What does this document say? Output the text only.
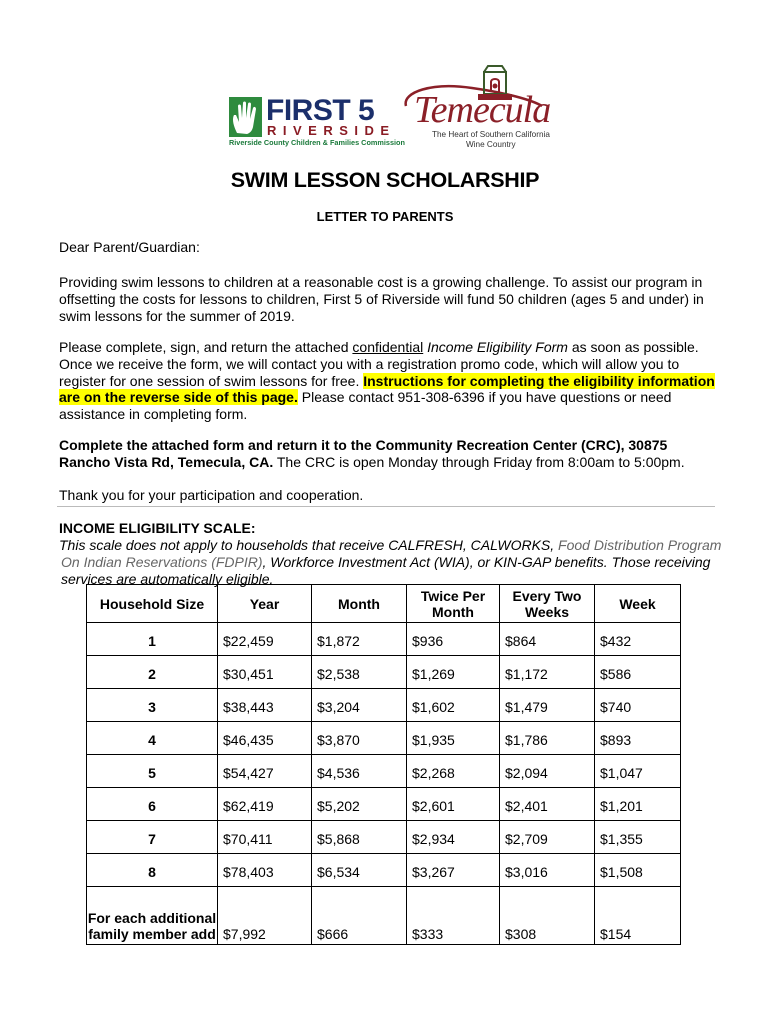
FIRST 5
RIVERSIDE
Riverside County Children & Families Commission
Temecula
The Heart of Southern California
Wine Country
SWIM LESSON SCHOLARSHIP
LETTER TO PARENTS

Dear Parent/Guardian:

Providing swim lessons to children at a reasonable cost is a growing challenge. To assist our program in

offsetting the costs for lessons to children, First 5 of Riverside will fund 50 children (ages 5 and under) in

swim lessons for the summer of 2019.

Please complete, sign, and return the attached confidential Income Eligibility Form as soon as possible.

Once we receive the form, we will contact you with a registration promo code, which will allow you to

register for one session of swim lessons for free. Instructions for completing the eligibility information

are on the reverse side of this page. Please contact 951-308-6396 if you have questions or need

assistance in completing form.

Complete the attached form and return it to the Community Recreation Center (CRC), 30875

Rancho Vista Rd, Temecula, CA. The CRC is open Monday through Friday from 8:00am to 5:00pm.

Thank you for your participation and cooperation.

INCOME ELIGIBILITY SCALE:
This scale does not apply to households that receive CALFRESH, CALWORKS, Food Distribution Program

On Indian Reservations (FDPIR), Workforce Investment Act (WIA), or KIN-GAP benefits. Those receiving
services are automatically eligible.
Household Size	Year	Month	Twice Per Month	Every Two Weeks	Week
1	$22,459	$1,872	$936	$864	$432
2	$30,451	$2,538	$1,269	$1,172	$586
3	$38,443	$3,204	$1,602	$1,479	$740
4	$46,435	$3,870	$1,935	$1,786	$893
5	$54,427	$4,536	$2,268	$2,094	$1,047
6	$62,419	$5,202	$2,601	$2,401	$1,201
7	$70,411	$5,868	$2,934	$2,709	$1,355
8	$78,403	$6,534	$3,267	$3,016	$1,508
For each additional family member add	$7,992	$666	$333	$308	$154
